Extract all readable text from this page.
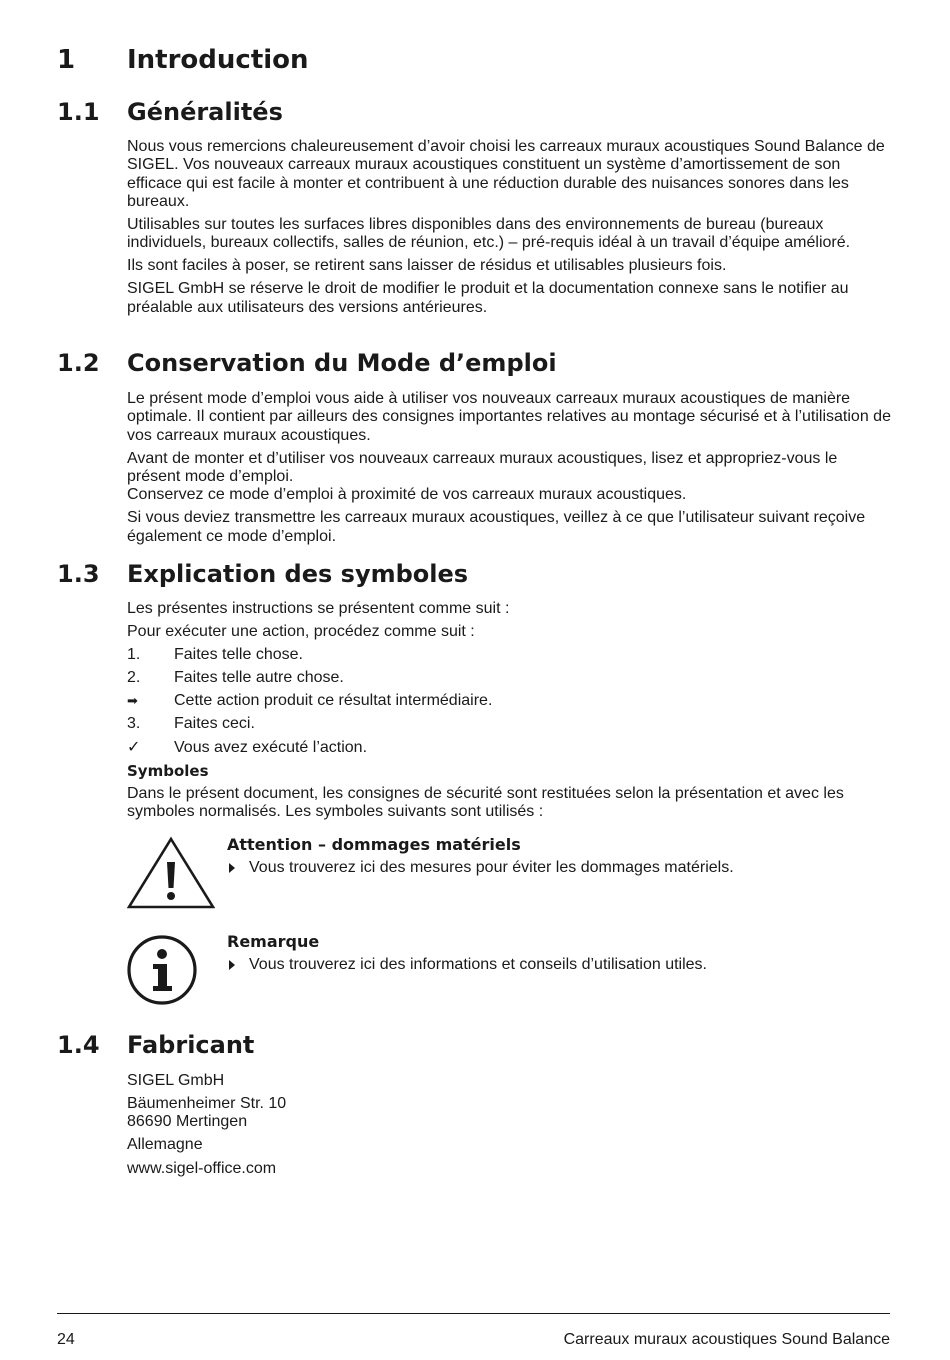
1	Introduction
1.1	Généralités

Nous vous remercions chaleureusement d’avoir choisi les carreaux muraux acoustiques Sound Balance de SIGEL. Vos nouveaux carreaux muraux acoustiques constituent un système d’amortissement de son efficace qui est facile à monter et contribuent à une réduction durable des nuisances sonores dans les bureaux.

Utilisables sur toutes les surfaces libres disponibles dans des environnements de bureau (bureaux individuels, bureaux collectifs, salles de réunion, etc.) – pré-requis idéal à un travail d’équipe amélioré.

Ils sont faciles à poser, se retirent sans laisser de résidus et utilisables plusieurs fois.

SIGEL GmbH se réserve le droit de modifier le produit et la documentation connexe sans le notifier au préalable aux utilisateurs des versions antérieures.

1.2	Conservation du Mode d’emploi

Le présent mode d’emploi vous aide à utiliser vos nouveaux carreaux muraux acoustiques de manière optimale. Il contient par ailleurs des consignes importantes relatives au montage sécurisé et à l’utilisation de vos carreaux muraux acoustiques.

Avant de monter et d’utiliser vos nouveaux carreaux muraux acoustiques, lisez et appropriez-vous le présent mode d’emploi.

Conservez ce mode d’emploi à proximité de vos carreaux muraux acoustiques.

Si vous deviez transmettre les carreaux muraux acoustiques, veillez à ce que l’utilisateur suivant reçoive également ce mode d’emploi.

1.3	Explication des symboles

Les présentes instructions se présentent comme suit :

Pour exécuter une action, procédez comme suit :

1.	Faites telle chose.
2.	Faites telle autre chose.
➡	Cette action produit ce résultat intermédiaire.
3.	Faites ceci.
✓	Vous avez exécuté l’action.

Symboles

Dans le présent document, les consignes de sécurité sont restituées selon la présentation et avec les symboles normalisés. Les symboles suivants sont utilisés :

Attention – dommages matériels
Vous trouverez ici des mesures pour éviter les dommages matériels.
Remarque
Vous trouverez ici des informations et conseils d’utilisation utiles.
1.4	Fabricant

SIGEL GmbH

Bäumenheimer Str. 10

86690 Mertingen

Allemagne

www.sigel-office.com

24	Carreaux muraux acoustiques Sound Balance
